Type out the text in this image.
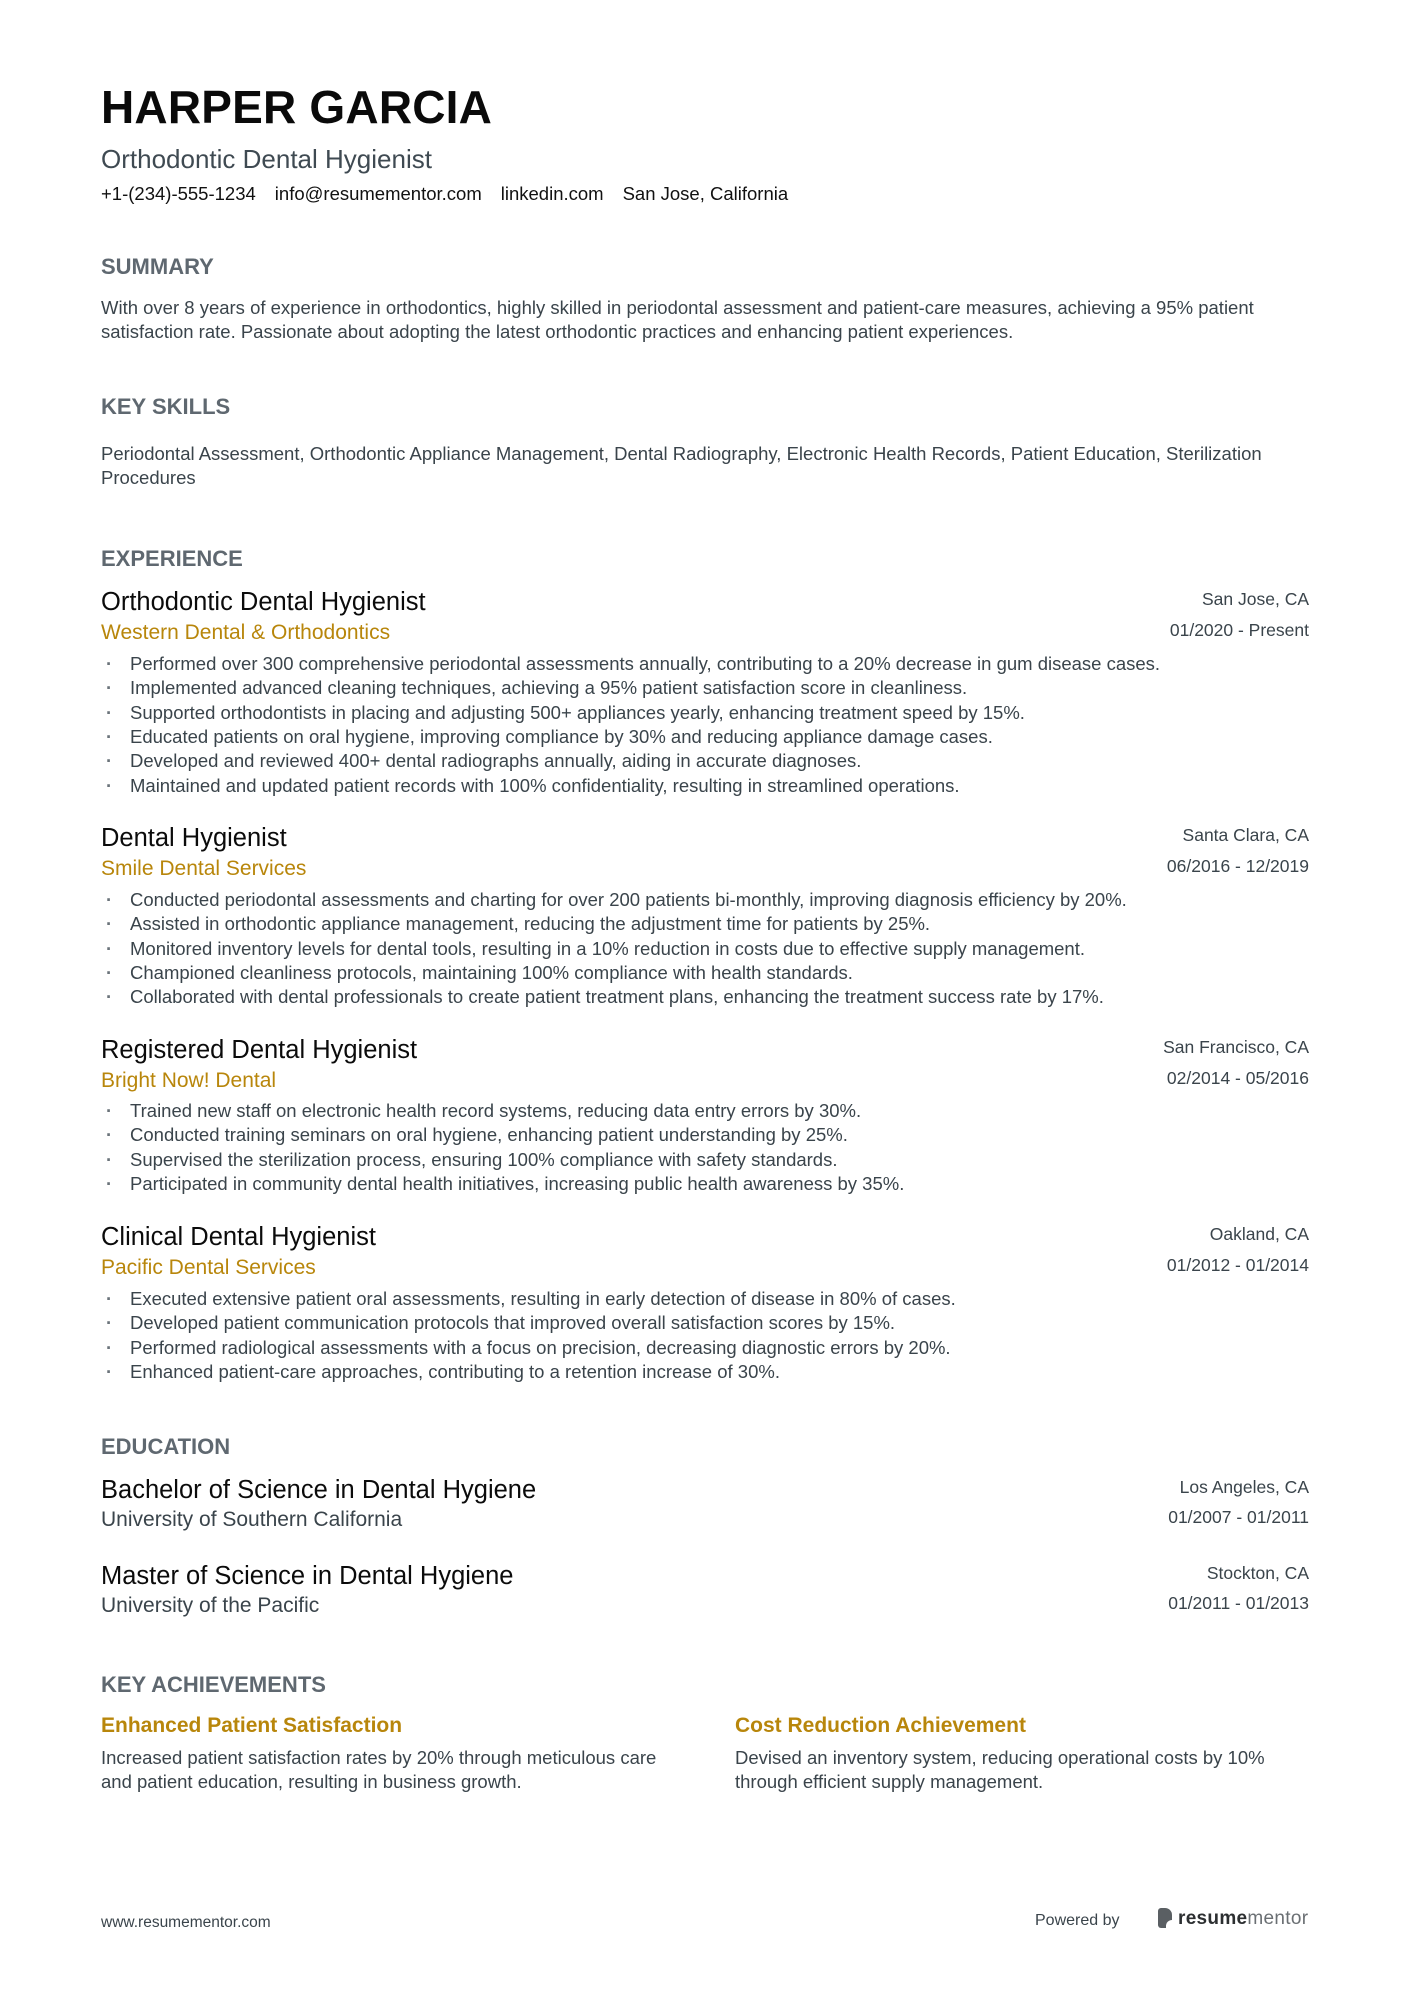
HARPER GARCIA
Orthodontic Dental Hygienist
+1-(234)-555-1234 info@resumementor.com linkedin.com San Jose, California
SUMMARY
With over 8 years of experience in orthodontics, highly skilled in periodontal assessment and patient-care measures, achieving a 95% patient satisfaction rate. Passionate about adopting the latest orthodontic practices and enhancing patient experiences.
KEY SKILLS
Periodontal Assessment, Orthodontic Appliance Management, Dental Radiography, Electronic Health Records, Patient Education, Sterilization Procedures
EXPERIENCE
Orthodontic Dental Hygienist	San Jose, CA
Western Dental & Orthodontics	01/2020 - Present
· Performed over 300 comprehensive periodontal assessments annually, contributing to a 20% decrease in gum disease cases.
· Implemented advanced cleaning techniques, achieving a 95% patient satisfaction score in cleanliness.
· Supported orthodontists in placing and adjusting 500+ appliances yearly, enhancing treatment speed by 15%.
· Educated patients on oral hygiene, improving compliance by 30% and reducing appliance damage cases.
· Developed and reviewed 400+ dental radiographs annually, aiding in accurate diagnoses.
· Maintained and updated patient records with 100% confidentiality, resulting in streamlined operations.
Dental Hygienist	Santa Clara, CA
Smile Dental Services	06/2016 - 12/2019
· Conducted periodontal assessments and charting for over 200 patients bi-monthly, improving diagnosis efficiency by 20%.
· Assisted in orthodontic appliance management, reducing the adjustment time for patients by 25%.
· Monitored inventory levels for dental tools, resulting in a 10% reduction in costs due to effective supply management.
· Championed cleanliness protocols, maintaining 100% compliance with health standards.
· Collaborated with dental professionals to create patient treatment plans, enhancing the treatment success rate by 17%.
Registered Dental Hygienist	San Francisco, CA
Bright Now! Dental	02/2014 - 05/2016
· Trained new staff on electronic health record systems, reducing data entry errors by 30%.
· Conducted training seminars on oral hygiene, enhancing patient understanding by 25%.
· Supervised the sterilization process, ensuring 100% compliance with safety standards.
· Participated in community dental health initiatives, increasing public health awareness by 35%.
Clinical Dental Hygienist	Oakland, CA
Pacific Dental Services	01/2012 - 01/2014
· Executed extensive patient oral assessments, resulting in early detection of disease in 80% of cases.
· Developed patient communication protocols that improved overall satisfaction scores by 15%.
· Performed radiological assessments with a focus on precision, decreasing diagnostic errors by 20%.
· Enhanced patient-care approaches, contributing to a retention increase of 30%.
EDUCATION
Bachelor of Science in Dental Hygiene	Los Angeles, CA
University of Southern California	01/2007 - 01/2011
Master of Science in Dental Hygiene	Stockton, CA
University of the Pacific	01/2011 - 01/2013
KEY ACHIEVEMENTS
Enhanced Patient Satisfaction
Increased patient satisfaction rates by 20% through meticulous care and patient education, resulting in business growth.
Cost Reduction Achievement
Devised an inventory system, reducing operational costs by 10% through efficient supply management.
www.resumementor.com	Powered by	resumementor
